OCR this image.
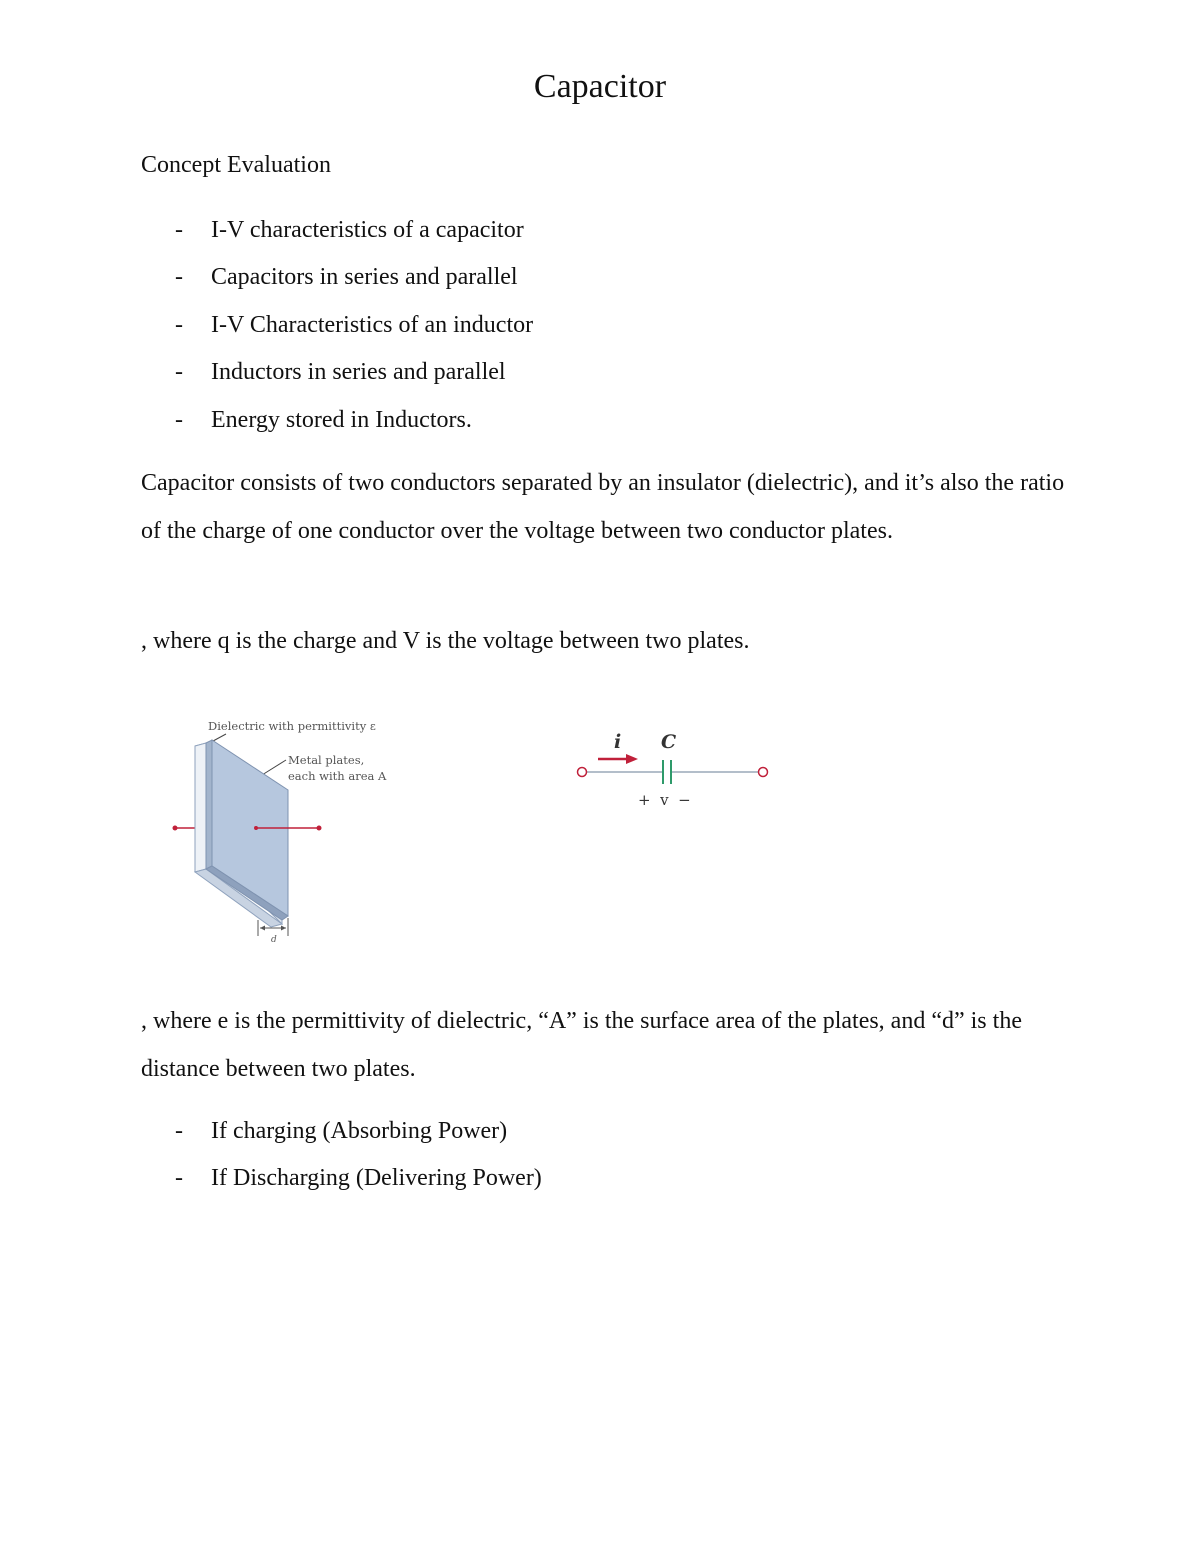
Capacitor
Concept Evaluation
- I-V characteristics of a capacitor
- Capacitors in series and parallel
- I-V Characteristics of an inductor
- Inductors in series and parallel
- Energy stored in Inductors.
Capacitor consists of two conductors separated by an insulator (dielectric), and it’s also the ratio of the charge of one conductor over the voltage between two conductor plates.
, where q is the charge and V is the voltage between two plates.
Dielectric with permittivity ε
Metal plates,
each with area A
d
i C
+  v  −
, where e is the permittivity of dielectric, “A” is the surface area of the plates, and “d” is the distance between two plates.
- If charging (Absorbing Power)
- If Discharging (Delivering Power)
